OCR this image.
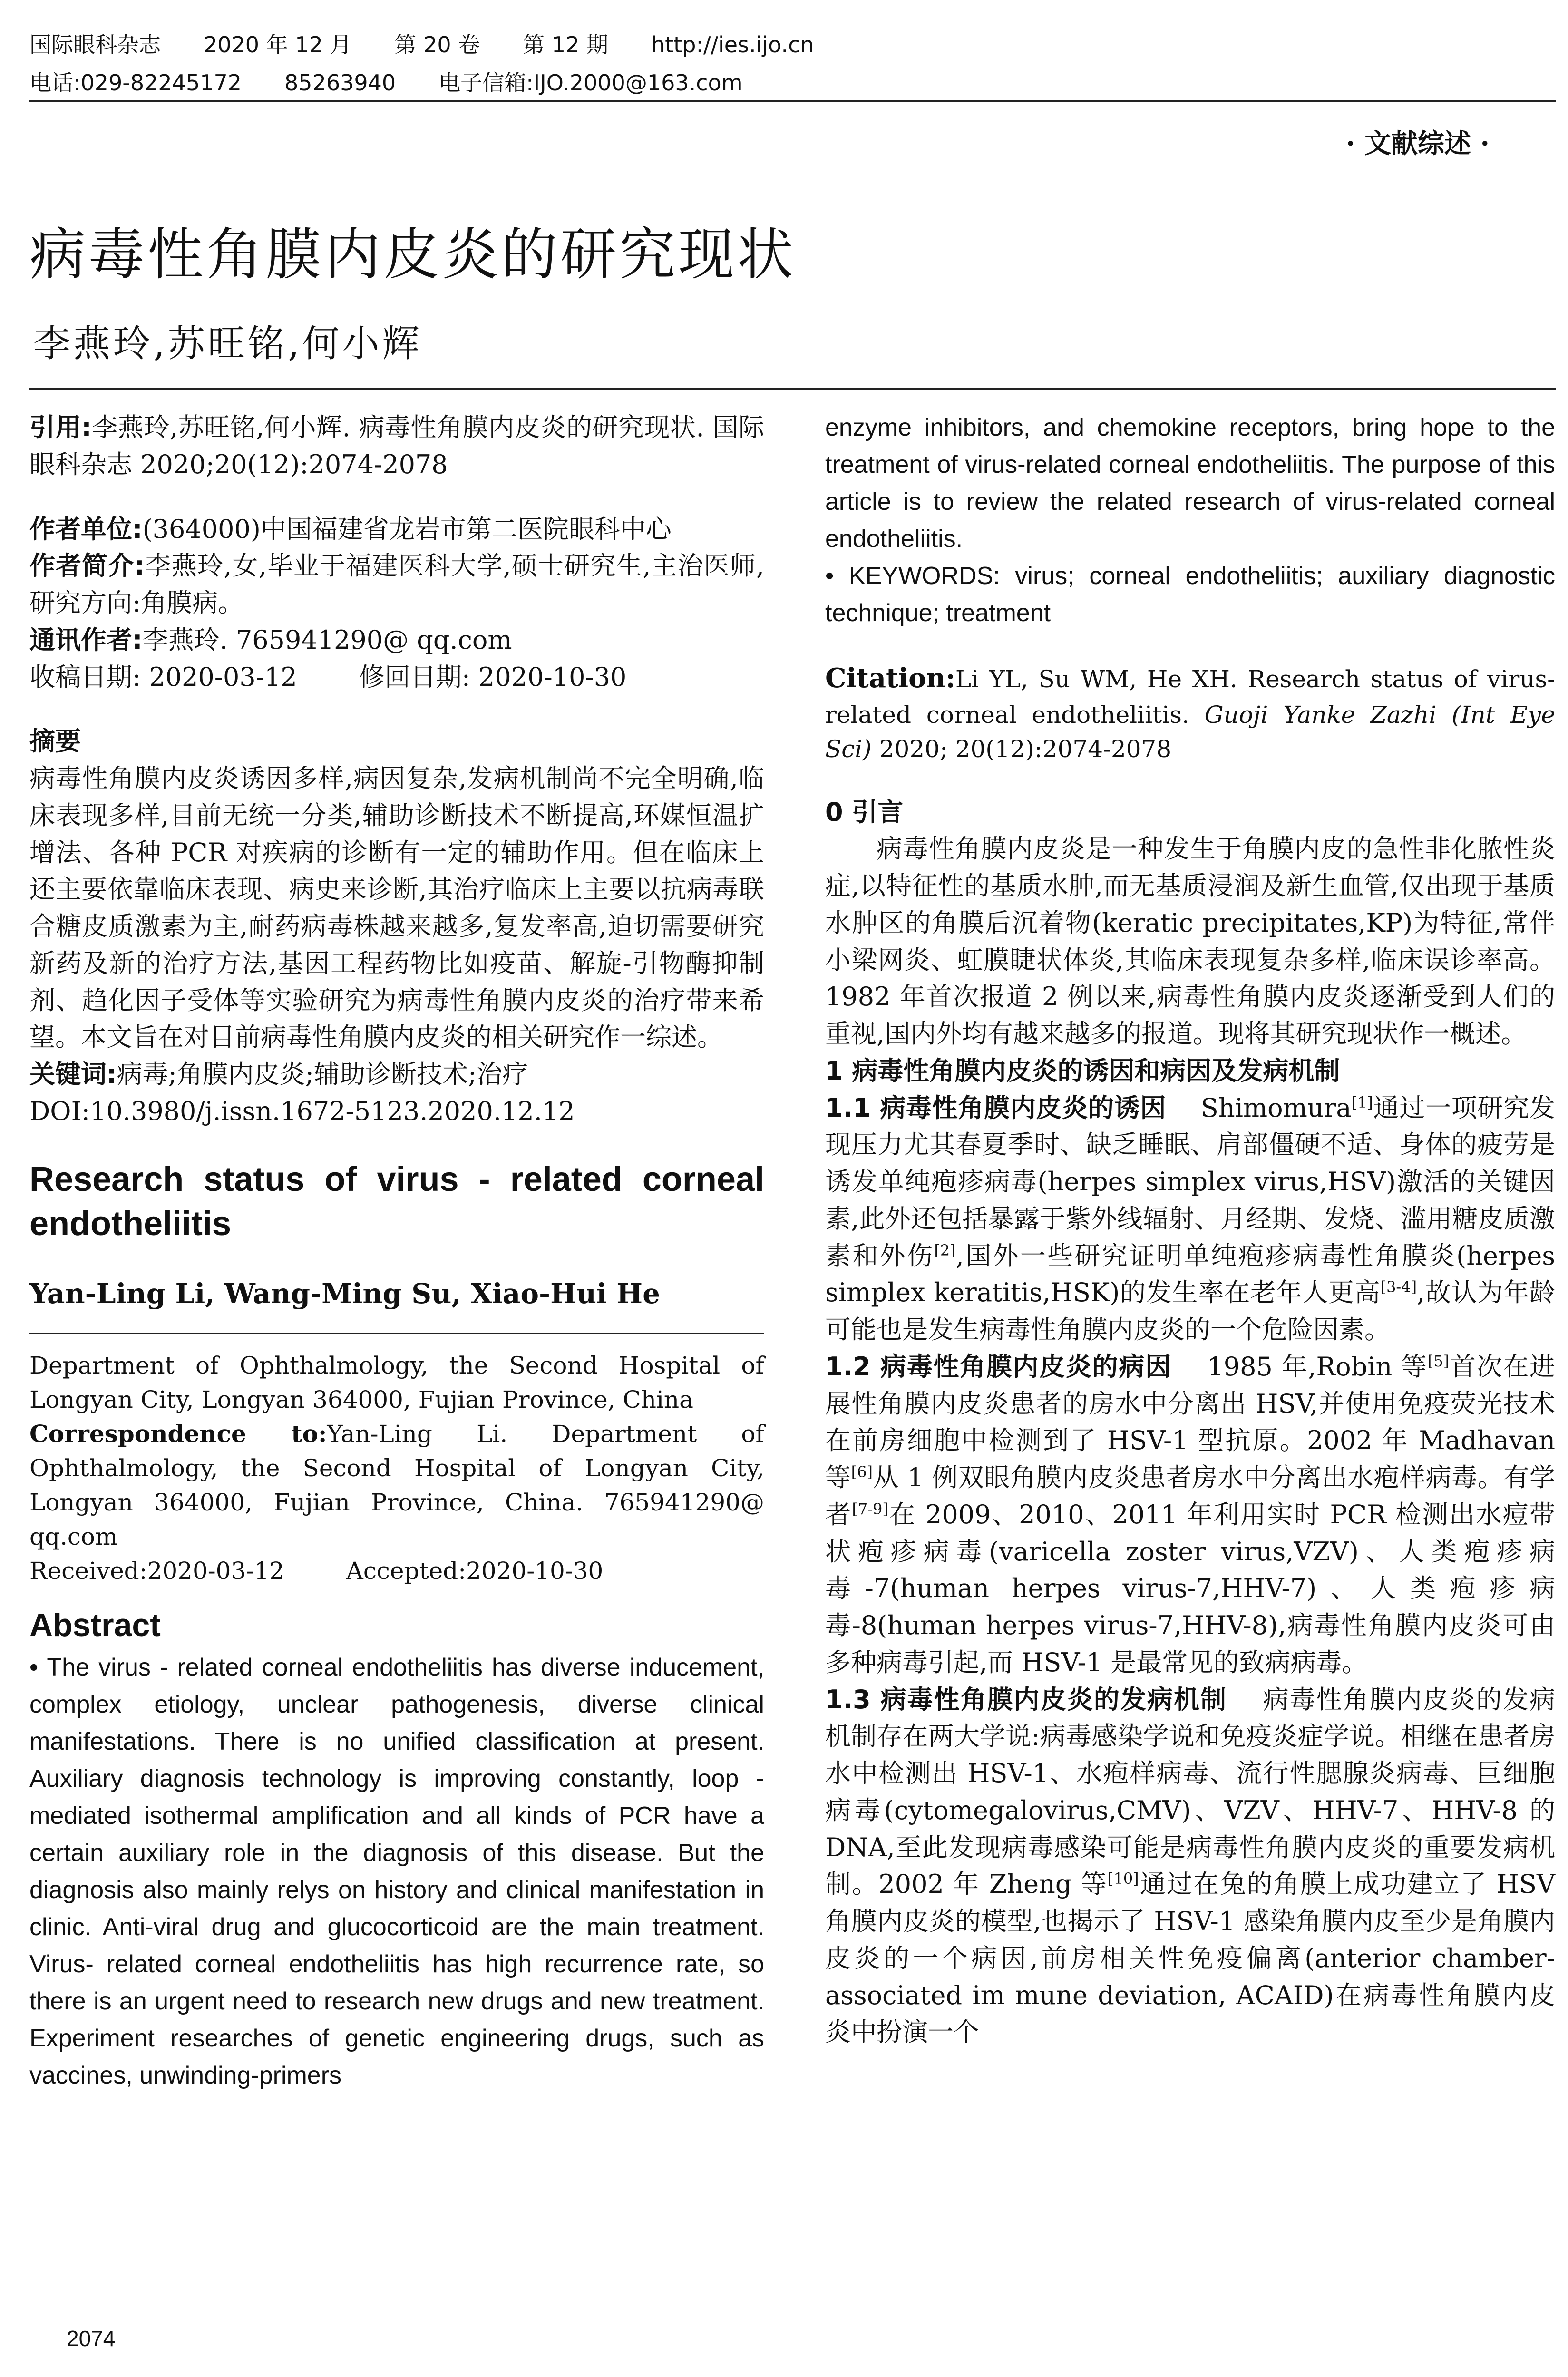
国际眼科杂志 2020 年 12 月 第 20 卷 第 12 期 http://ies.ijo.cn
电话:029-82245172 85263940 电子信箱:IJO.2000@163.com
· 文献综述 ·
病毒性角膜内皮炎的研究现状
李燕玲,苏旺铭,何小辉

引用:李燕玲,苏旺铭,何小辉. 病毒性角膜内皮炎的研究现状. 国际眼科杂志 2020;20(12):2074-2078

作者单位:(364000)中国福建省龙岩市第二医院眼科中心

作者简介:李燕玲,女,毕业于福建医科大学,硕士研究生,主治医师,研究方向:角膜病。

通讯作者:李燕玲. 765941290@ qq.com

收稿日期: 2020-03-12 修回日期: 2020-10-30

摘要

病毒性角膜内皮炎诱因多样,病因复杂,发病机制尚不完全明确,临床表现多样,目前无统一分类,辅助诊断技术不断提高,环媒恒温扩增法、各种 PCR 对疾病的诊断有一定的辅助作用。但在临床上还主要依靠临床表现、病史来诊断,其治疗临床上主要以抗病毒联合糖皮质激素为主,耐药病毒株越来越多,复发率高,迫切需要研究新药及新的治疗方法,基因工程药物比如疫苗、解旋-引物酶抑制剂、趋化因子受体等实验研究为病毒性角膜内皮炎的治疗带来希望。本文旨在对目前病毒性角膜内皮炎的相关研究作一综述。

关键词:病毒;角膜内皮炎;辅助诊断技术;治疗

DOI:10.3980/j.issn.1672-5123.2020.12.12

Research status of virus - related corneal endotheliitis

Yan-Ling Li, Wang-Ming Su, Xiao-Hui He

Department of Ophthalmology, the Second Hospital of Longyan City, Longyan 364000, Fujian Province, China

Correspondence to:Yan-Ling Li. Department of Ophthalmology, the Second Hospital of Longyan City, Longyan 364000, Fujian Province, China. 765941290@ qq.com

Received:2020-03-12	Accepted:2020-10-30

Abstract

• The virus - related corneal endotheliitis has diverse inducement, complex etiology, unclear pathogenesis, diverse clinical manifestations. There is no unified classification at present. Auxiliary diagnosis technology is improving constantly, loop - mediated isothermal amplification and all kinds of PCR have a certain auxiliary role in the diagnosis of this disease. But the diagnosis also mainly relys on history and clinical manifestation in clinic. Anti-viral drug and glucocorticoid are the main treatment. Virus- related corneal endotheliitis has high recurrence rate, so there is an urgent need to research new drugs and new treatment. Experiment researches of genetic engineering drugs, such as vaccines, unwinding-primers

enzyme inhibitors, and chemokine receptors, bring hope to the treatment of virus-related corneal endotheliitis. The purpose of this article is to review the related research of virus-related corneal endotheliitis.

• KEYWORDS: virus; corneal endotheliitis; auxiliary diagnostic technique; treatment

Citation:Li YL, Su WM, He XH. Research status of virus-related corneal endotheliitis. Guoji Yanke Zazhi (Int Eye Sci) 2020; 20(12):2074-2078

0 引言

病毒性角膜内皮炎是一种发生于角膜内皮的急性非化脓性炎症,以特征性的基质水肿,而无基质浸润及新生血管,仅出现于基质水肿区的角膜后沉着物(keratic precipitates,KP)为特征,常伴小梁网炎、虹膜睫状体炎,其临床表现复杂多样,临床误诊率高。1982 年首次报道 2 例以来,病毒性角膜内皮炎逐渐受到人们的重视,国内外均有越来越多的报道。现将其研究现状作一概述。

1 病毒性角膜内皮炎的诱因和病因及发病机制

1.1 病毒性角膜内皮炎的诱因　 Shimomura[1]通过一项研究发现压力尤其春夏季时、缺乏睡眠、肩部僵硬不适、身体的疲劳是诱发单纯疱疹病毒(herpes simplex virus,HSV)激活的关键因素,此外还包括暴露于紫外线辐射、月经期、发烧、滥用糖皮质激素和外伤[2],国外一些研究证明单纯疱疹病毒性角膜炎(herpes simplex keratitis,HSK)的发生率在老年人更高[3-4],故认为年龄可能也是发生病毒性角膜内皮炎的一个危险因素。

1.2 病毒性角膜内皮炎的病因　 1985 年,Robin 等[5]首次在进展性角膜内皮炎患者的房水中分离出 HSV,并使用免疫荧光技术在前房细胞中检测到了 HSV-1 型抗原。2002 年 Madhavan 等[6]从 1 例双眼角膜内皮炎患者房水中分离出水疱样病毒。有学者[7-9]在 2009、2010、2011 年利用实时 PCR 检测出水痘带状疱疹病毒(varicella zoster virus,VZV)、人类疱疹病毒-7(human herpes virus-7,HHV-7)、人类疱疹病毒-8(human herpes virus-7,HHV-8),病毒性角膜内皮炎可由多种病毒引起,而 HSV-1 是最常见的致病病毒。

1.3 病毒性角膜内皮炎的发病机制　 病毒性角膜内皮炎的发病机制存在两大学说:病毒感染学说和免疫炎症学说。相继在患者房水中检测出 HSV-1、水疱样病毒、流行性腮腺炎病毒、巨细胞病毒(cytomegalovirus,CMV)、VZV、HHV-7、HHV-8 的 DNA,至此发现病毒感染可能是病毒性角膜内皮炎的重要发病机制。2002 年 Zheng 等[10]通过在兔的角膜上成功建立了 HSV 角膜内皮炎的模型,也揭示了 HSV-1 感染角膜内皮至少是角膜内皮炎的一个病因,前房相关性免疫偏离(anterior chamber-associated im mune deviation, ACAID)在病毒性角膜内皮炎中扮演一个

2074
